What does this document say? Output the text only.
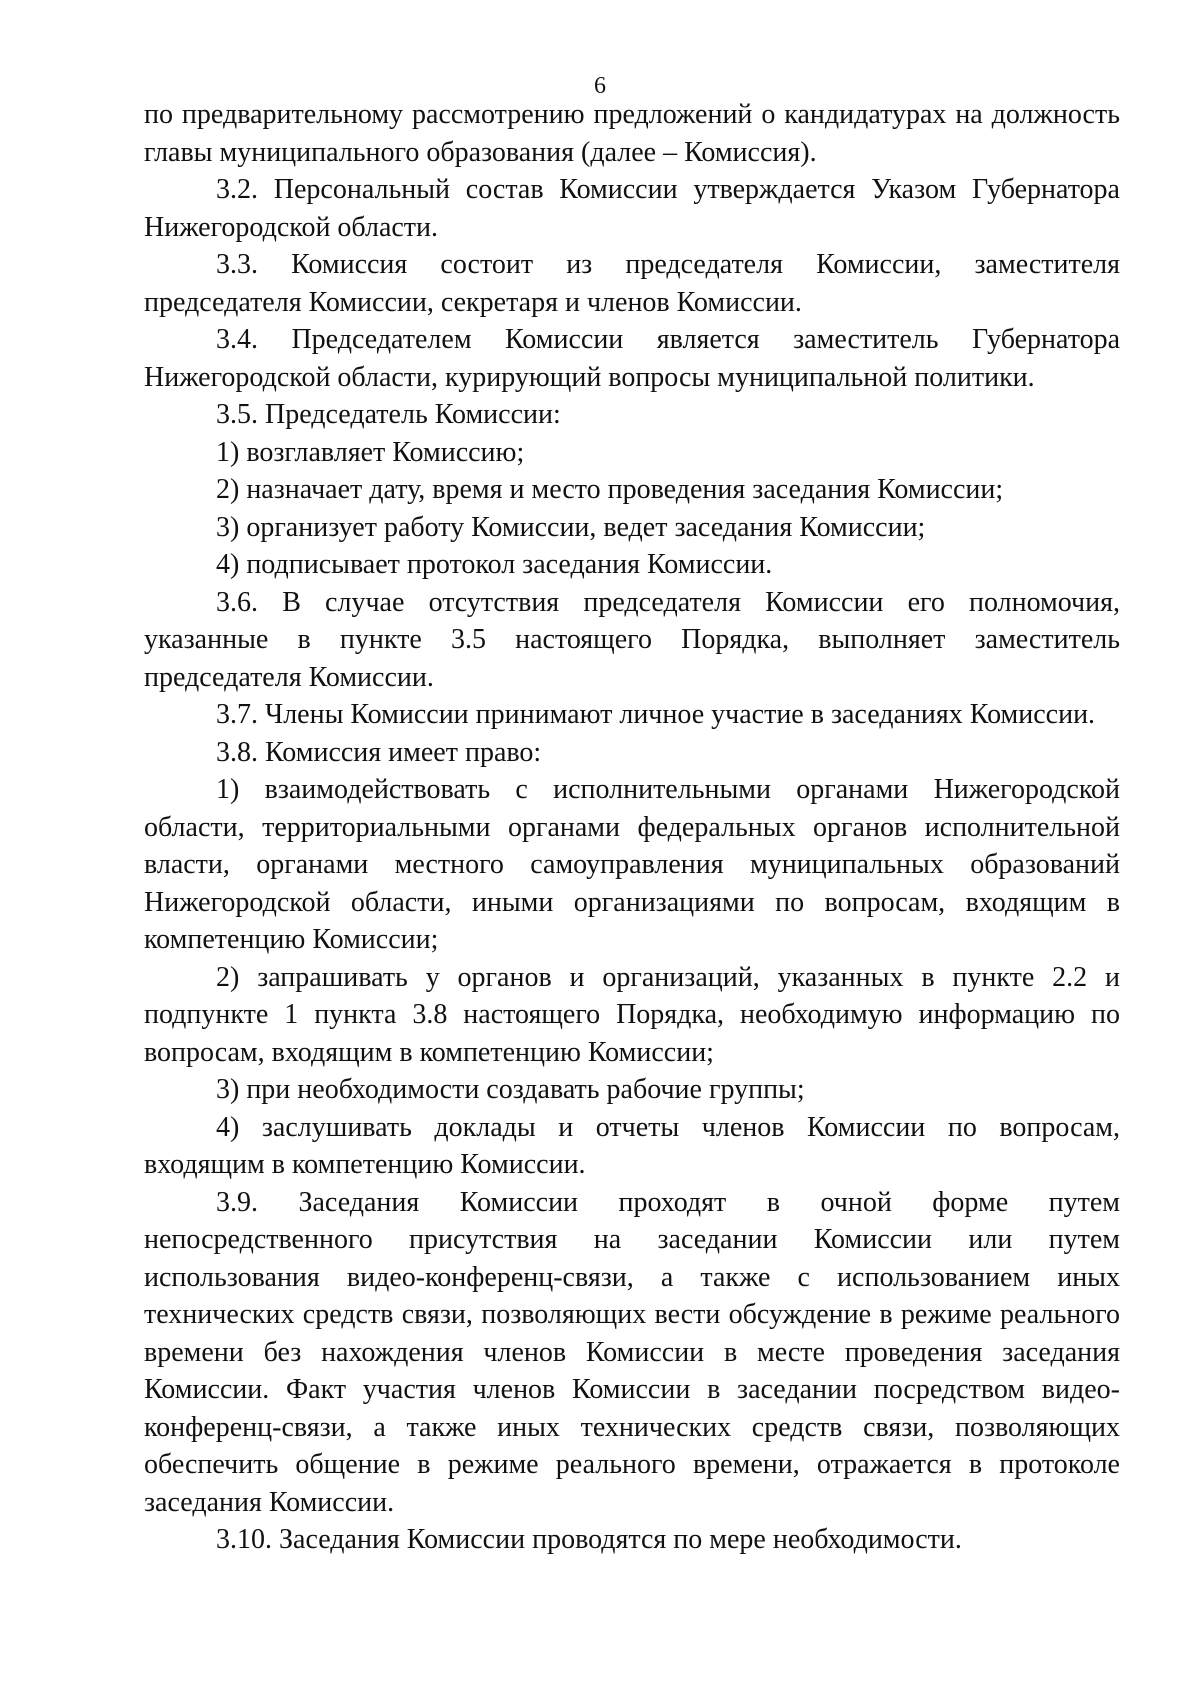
6

по предварительному рассмотрению предложений о кандидатурах на должность главы муниципального образования (далее – Комиссия).

3.2. Персональный состав Комиссии утверждается Указом Губернатора Нижегородской области.

3.3. Комиссия состоит из председателя Комиссии, заместителя председателя Комиссии, секретаря и членов Комиссии.

3.4. Председателем Комиссии является заместитель Губернатора Нижегородской области, курирующий вопросы муниципальной политики.

3.5. Председатель Комиссии:

1) возглавляет Комиссию;

2) назначает дату, время и место проведения заседания Комиссии;

3) организует работу Комиссии, ведет заседания Комиссии;

4) подписывает протокол заседания Комиссии.

3.6. В случае отсутствия председателя Комиссии его полномочия, указанные в пункте 3.5 настоящего Порядка, выполняет заместитель председателя Комиссии.

3.7. Члены Комиссии принимают личное участие в заседаниях Комиссии.

3.8. Комиссия имеет право:

1) взаимодействовать с исполнительными органами Нижегородской области, территориальными органами федеральных органов исполнительной власти, органами местного самоуправления муниципальных образований Нижегородской области, иными организациями по вопросам, входящим в компетенцию Комиссии;

2) запрашивать у органов и организаций, указанных в пункте 2.2 и подпункте 1 пункта 3.8 настоящего Порядка, необходимую информацию по вопросам, входящим в компетенцию Комиссии;

3) при необходимости создавать рабочие группы;

4) заслушивать доклады и отчеты членов Комиссии по вопросам, входящим в компетенцию Комиссии.

3.9. Заседания Комиссии проходят в очной форме путем непосредственного присутствия на заседании Комиссии или путем использования видео-конференц-связи, а также с использованием иных технических средств связи, позволяющих вести обсуждение в режиме реального времени без нахождения членов Комиссии в месте проведения заседания Комиссии. Факт участия членов Комиссии в заседании посредством видео-конференц-связи, а также иных технических средств связи, позволяющих обеспечить общение в режиме реального времени, отражается в протоколе заседания Комиссии.

3.10. Заседания Комиссии проводятся по мере необходимости.
